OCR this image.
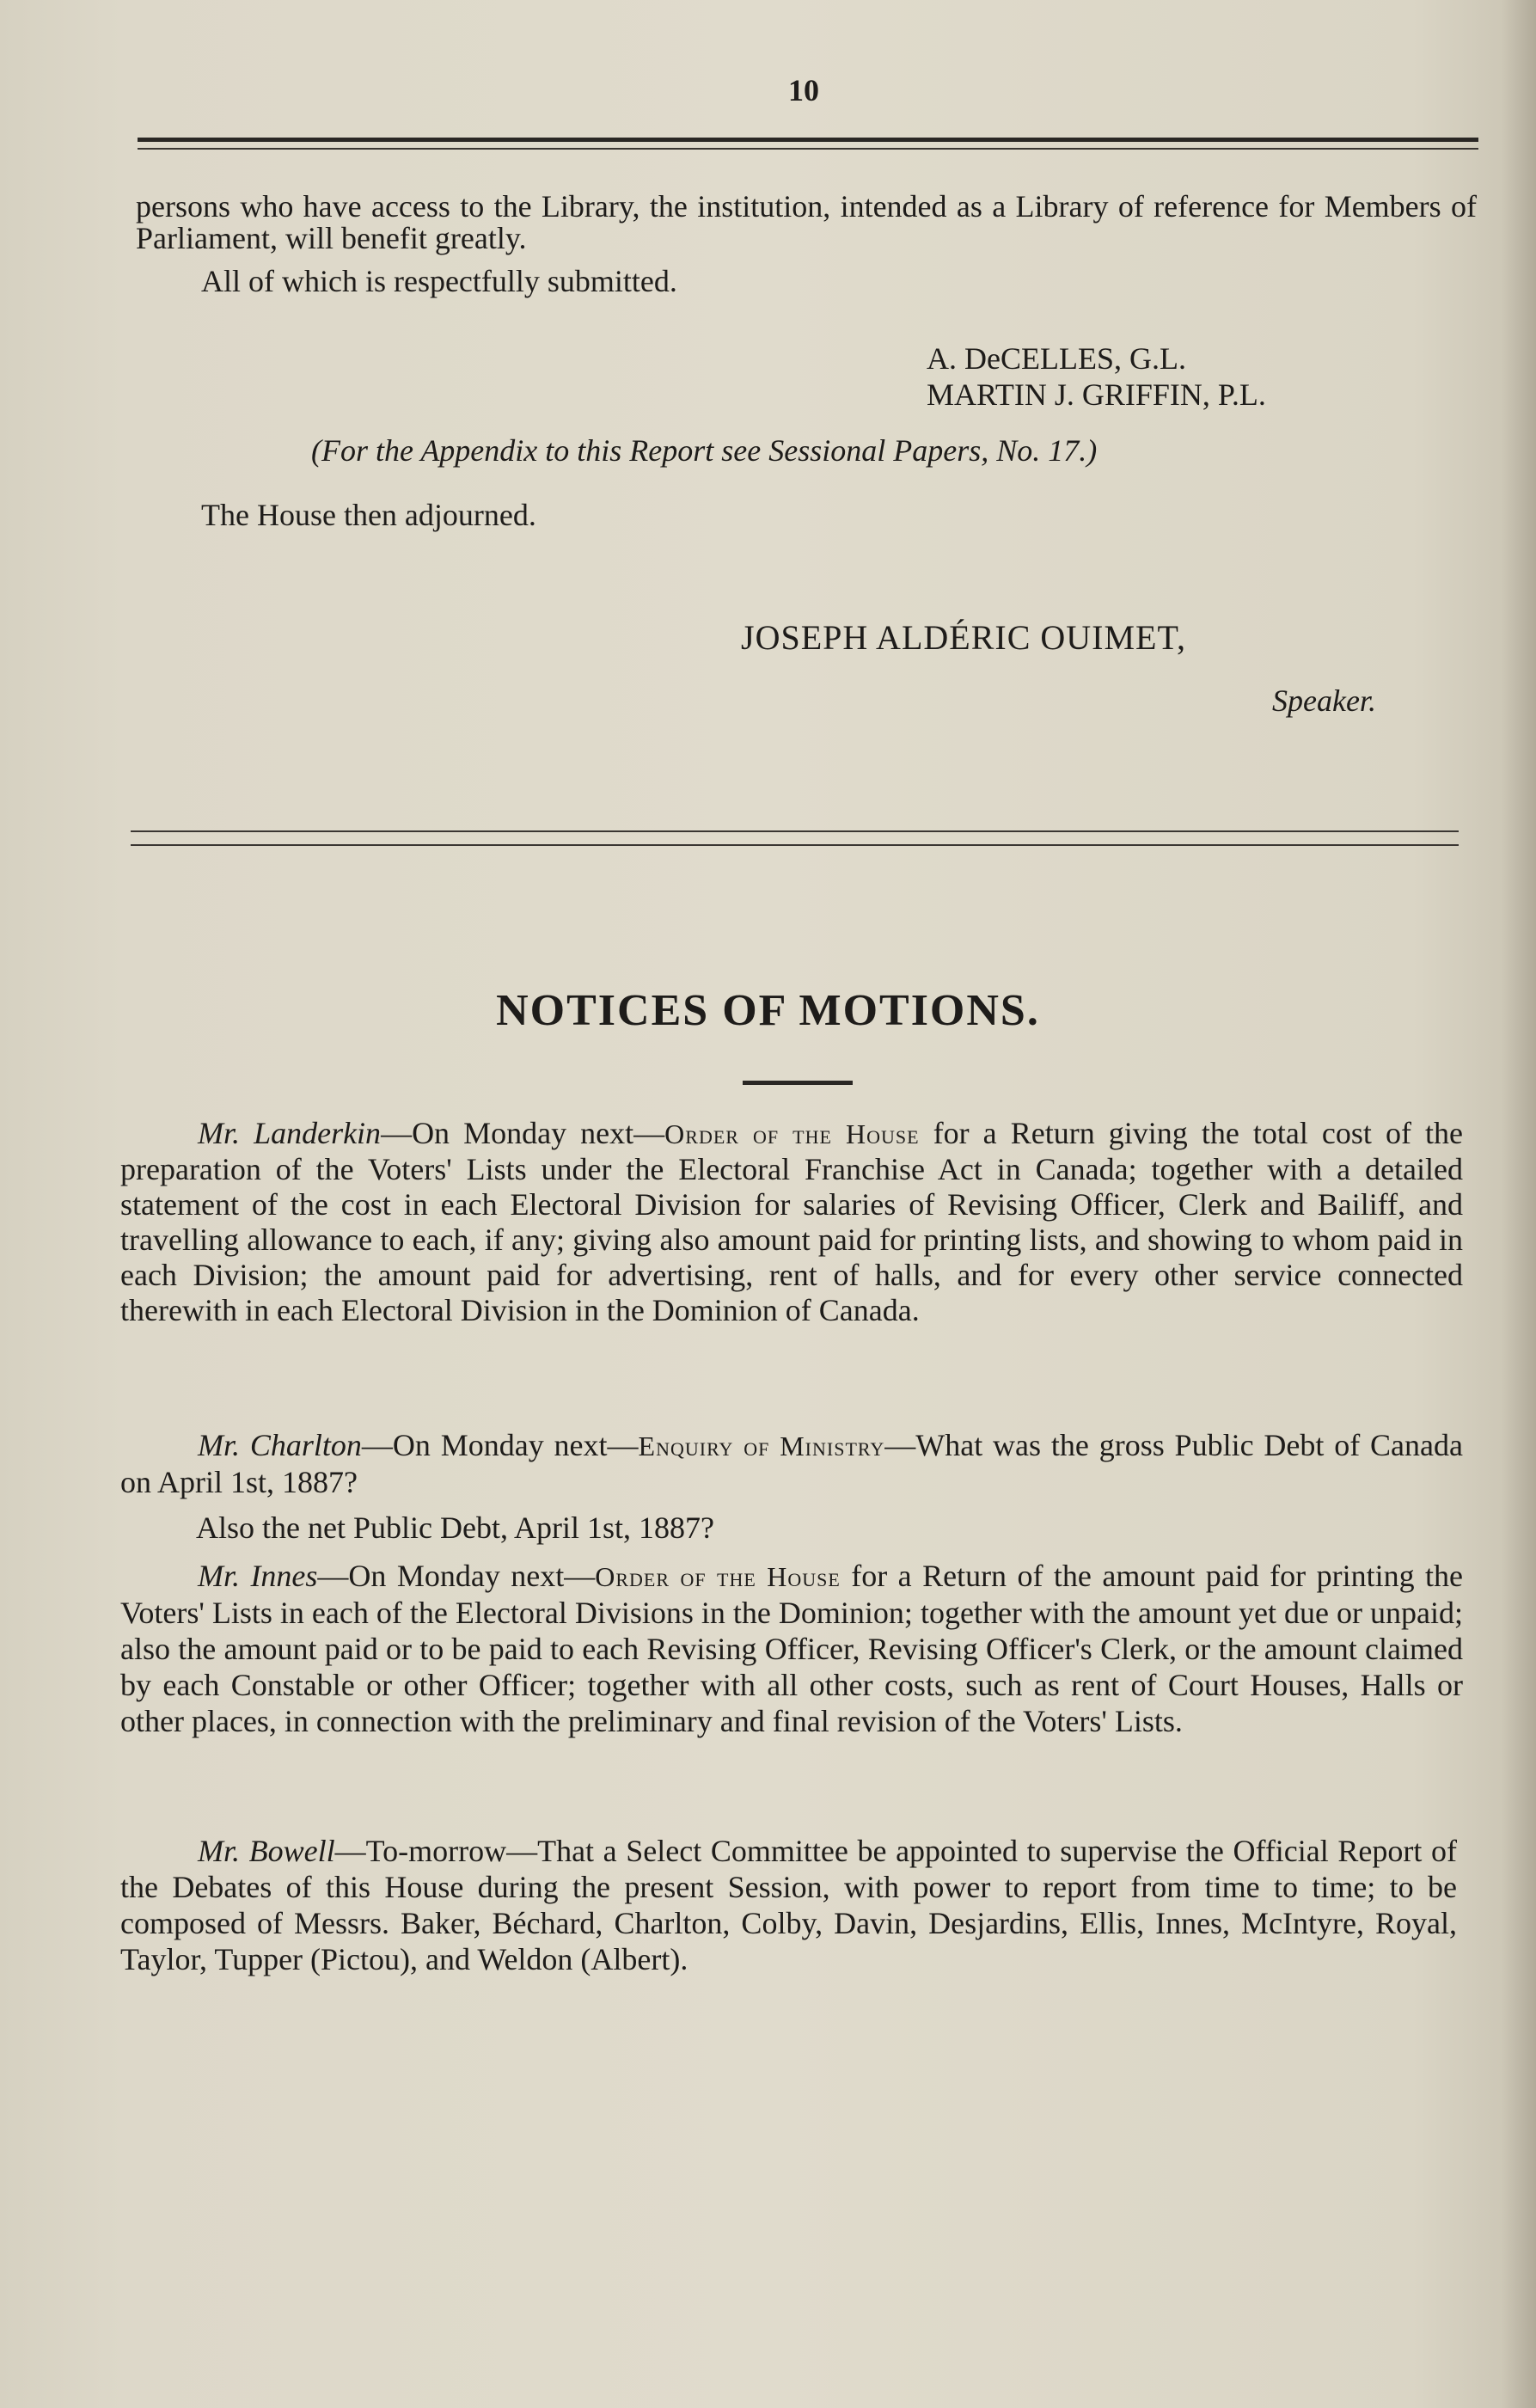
10

persons who have access to the Library, the institution, intended as a Library of reference for Members of Parliament, will benefit greatly.

All of which is respectfully submitted.

A. DeCELLES, G.L.

MARTIN J. GRIFFIN, P.L.

(For the Appendix to this Report see Sessional Papers, No. 17.)

The House then adjourned.

JOSEPH ALDÉRIC OUIMET,

Speaker.

NOTICES OF MOTIONS.

Mr. Landerkin—On Monday next—Order of the House for a Return giving the total cost of the preparation of the Voters' Lists under the Electoral Franchise Act in Canada; together with a detailed statement of the cost in each Electoral Division for salaries of Revising Officer, Clerk and Bailiff, and travelling allowance to each, if any; giving also amount paid for printing lists, and showing to whom paid in each Division; the amount paid for advertising, rent of halls, and for every other service connected therewith in each Electoral Division in the Dominion of Canada.

Mr. Charlton—On Monday next—Enquiry of Ministry—What was the gross Public Debt of Canada on April 1st, 1887?

Also the net Public Debt, April 1st, 1887?

Mr. Innes—On Monday next—Order of the House for a Return of the amount paid for printing the Voters' Lists in each of the Electoral Divisions in the Dominion; together with the amount yet due or unpaid; also the amount paid or to be paid to each Revising Officer, Revising Officer's Clerk, or the amount claimed by each Constable or other Officer; together with all other costs, such as rent of Court Houses, Halls or other places, in connection with the preliminary and final revision of the Voters' Lists.

Mr. Bowell—To-morrow—That a Select Committee be appointed to supervise the Official Report of the Debates of this House during the present Session, with power to report from time to time; to be composed of Messrs. Baker, Béchard, Charlton, Colby, Davin, Desjardins, Ellis, Innes, McIntyre, Royal, Taylor, Tupper (Pictou), and Weldon (Albert).
